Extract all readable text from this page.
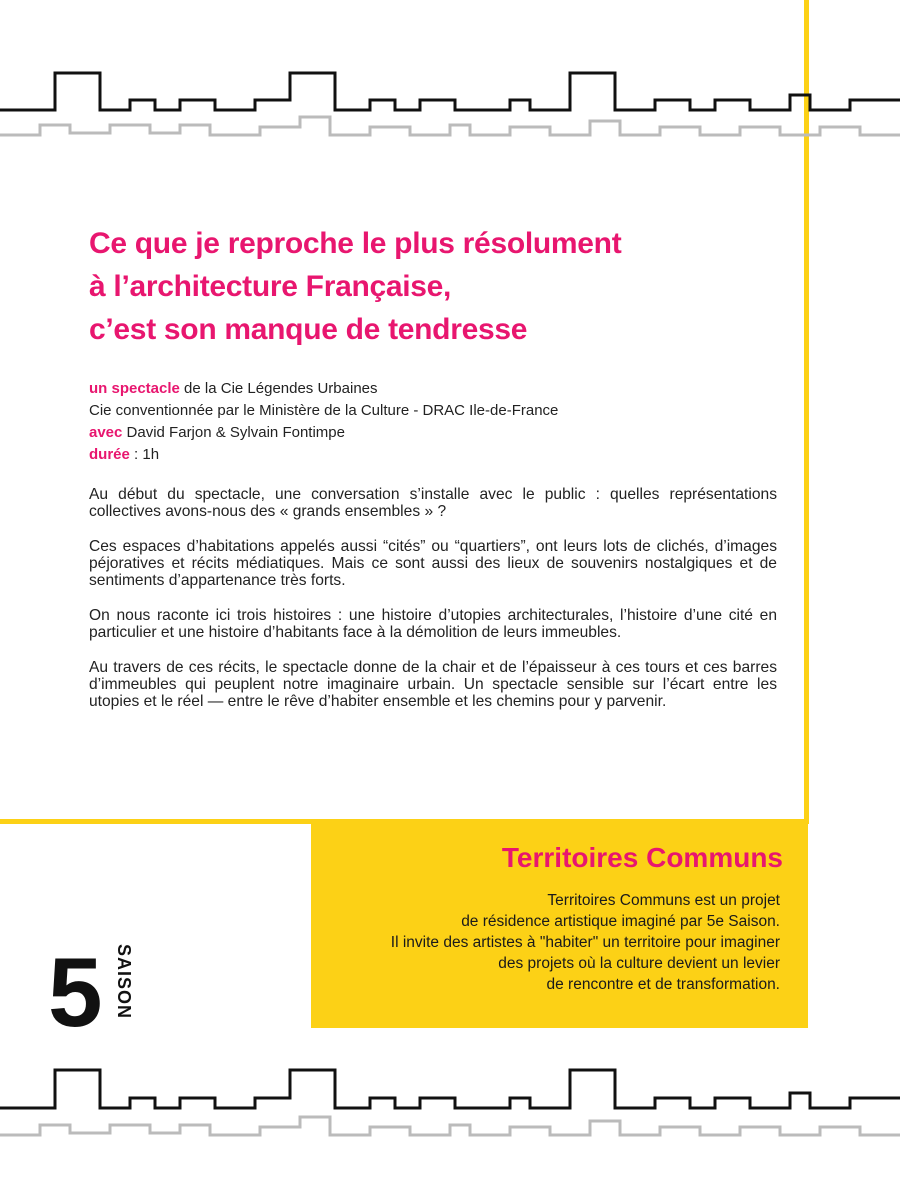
Ce que je reproche le plus résolument
à l’architecture Française,
c’est son manque de tendresse
un spectacle de la Cie Légendes Urbaines
Cie conventionnée par le Ministère de la Culture - DRAC Ile-de-France
avec David Farjon & Sylvain Fontimpe
durée : 1h

Au début du spectacle, une conversation s’installe avec le public : quelles représentations collectives avons-nous des « grands ensembles » ?

Ces espaces d’habitations appelés aussi “cités” ou “quartiers”, ont leurs lots de clichés, d’images péjoratives et récits médiatiques. Mais ce sont aussi des lieux de souvenirs nostalgiques et de sentiments d’appartenance très forts.

On nous raconte ici trois histoires : une histoire d’utopies architecturales, l’histoire d’une cité en particulier et une histoire d’habitants face à la démolition de leurs immeubles.

Au travers de ces récits, le spectacle donne de la chair et de l’épaisseur à ces tours et ces barres d’immeubles qui peuplent notre imaginaire urbain. Un spectacle sensible sur l’écart entre les utopies et le réel — entre le rêve d’habiter ensemble et les chemins pour y parvenir.

Territoires Communs
Territoires Communs est un projet
de résidence artistique imaginé par 5e Saison.
Il invite des artistes à "habiter" un territoire pour imaginer
des projets où la culture devient un levier
de rencontre et de transformation.
5 SAISON
